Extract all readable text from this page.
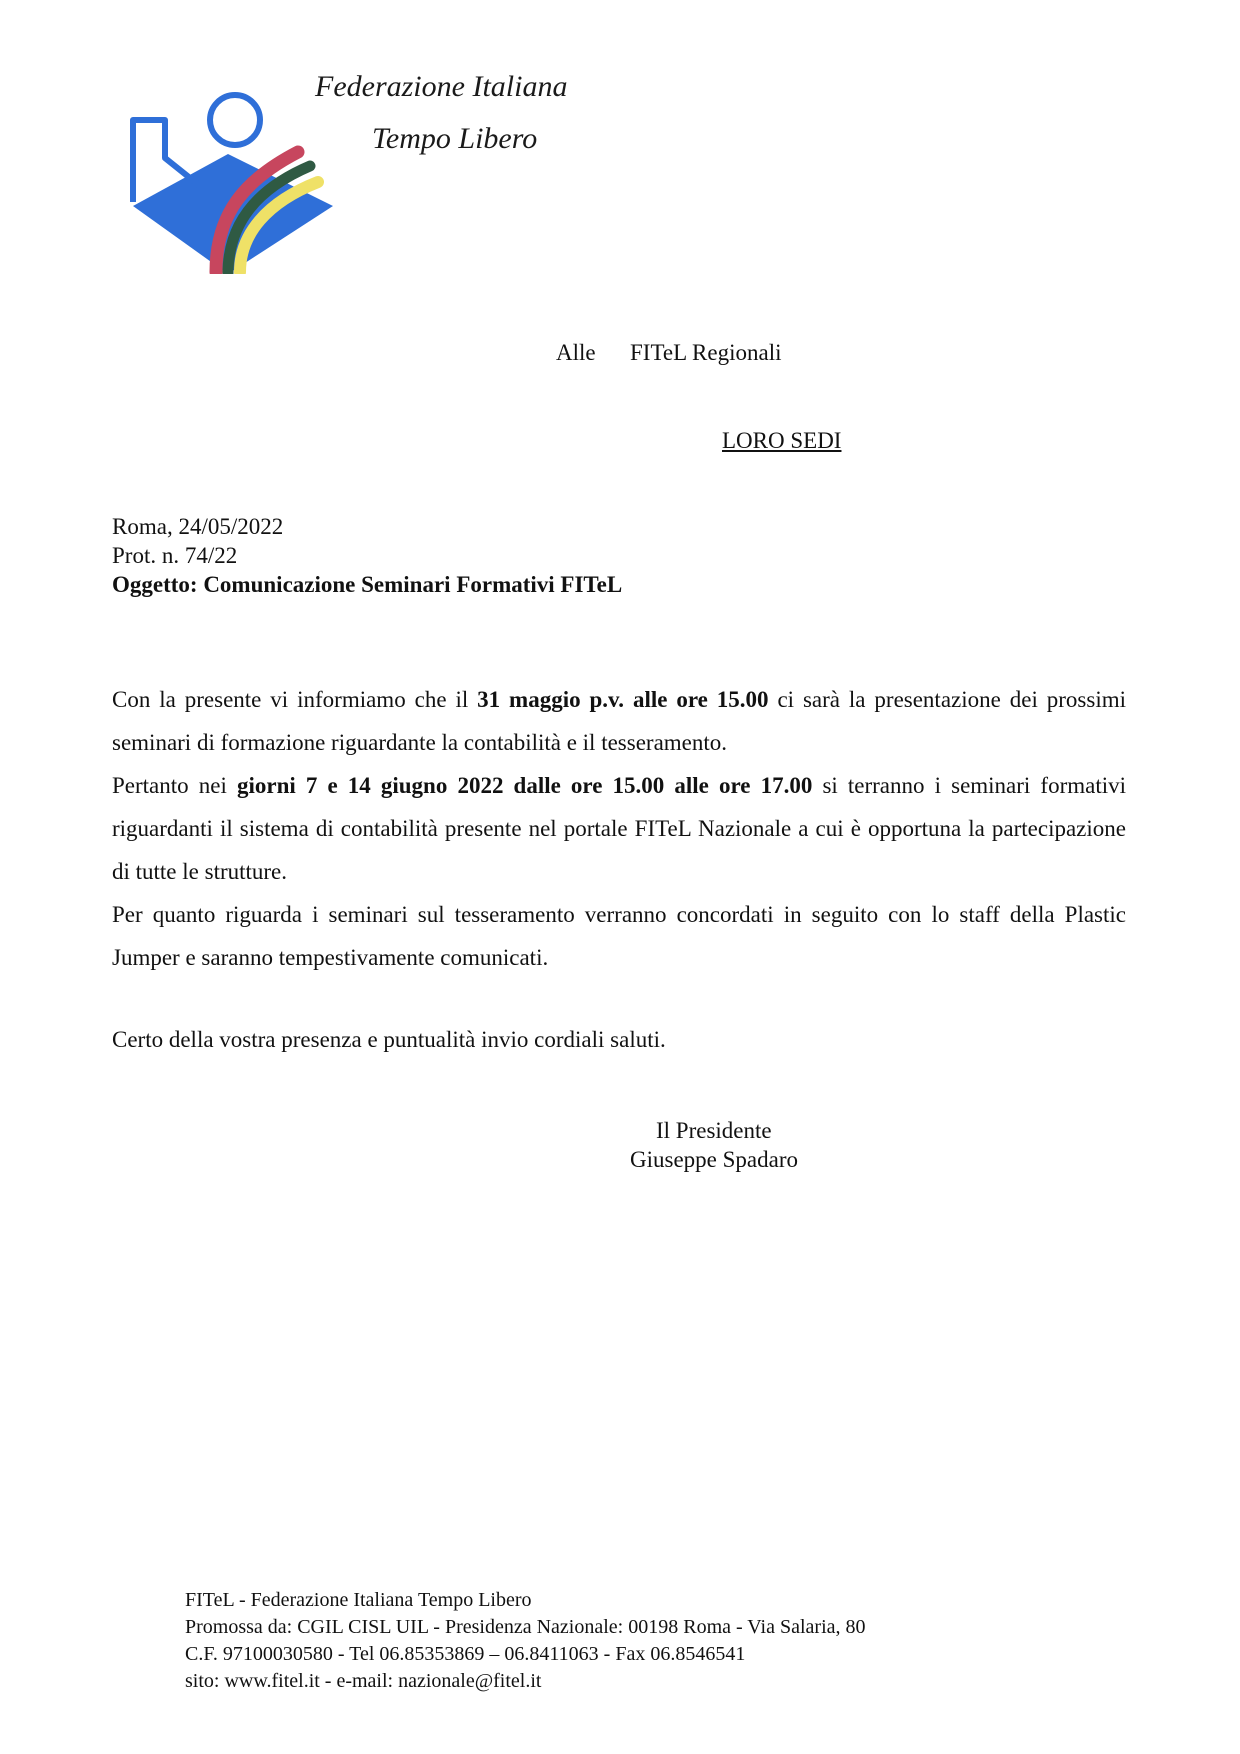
Federazione Italiana
Tempo Libero
Alle FITeL Regionali
LORO SEDI
Roma, 24/05/2022
Prot. n. 74/22
Oggetto: Comunicazione Seminari Formativi FITeL
Con la presente vi informiamo che il 31 maggio p.v. alle ore 15.00 ci sarà la presentazione dei prossimi seminari di formazione riguardante la contabilità e il tesseramento.
Pertanto nei giorni 7 e 14 giugno 2022 dalle ore 15.00 alle ore 17.00 si terranno i seminari formativi riguardanti il sistema di contabilità presente nel portale FITeL Nazionale a cui è opportuna la partecipazione di tutte le strutture.
Per quanto riguarda i seminari sul tesseramento verranno concordati in seguito con lo staff della Plastic Jumper e saranno tempestivamente comunicati.
Certo della vostra presenza e puntualità invio cordiali saluti.
Il Presidente
Giuseppe Spadaro
FITeL - Federazione Italiana Tempo Libero
Promossa da: CGIL CISL UIL - Presidenza Nazionale: 00198 Roma - Via Salaria, 80
C.F. 97100030580 - Tel 06.85353869 – 06.8411063 - Fax 06.8546541
sito: www.fitel.it - e-mail: nazionale@fitel.it
